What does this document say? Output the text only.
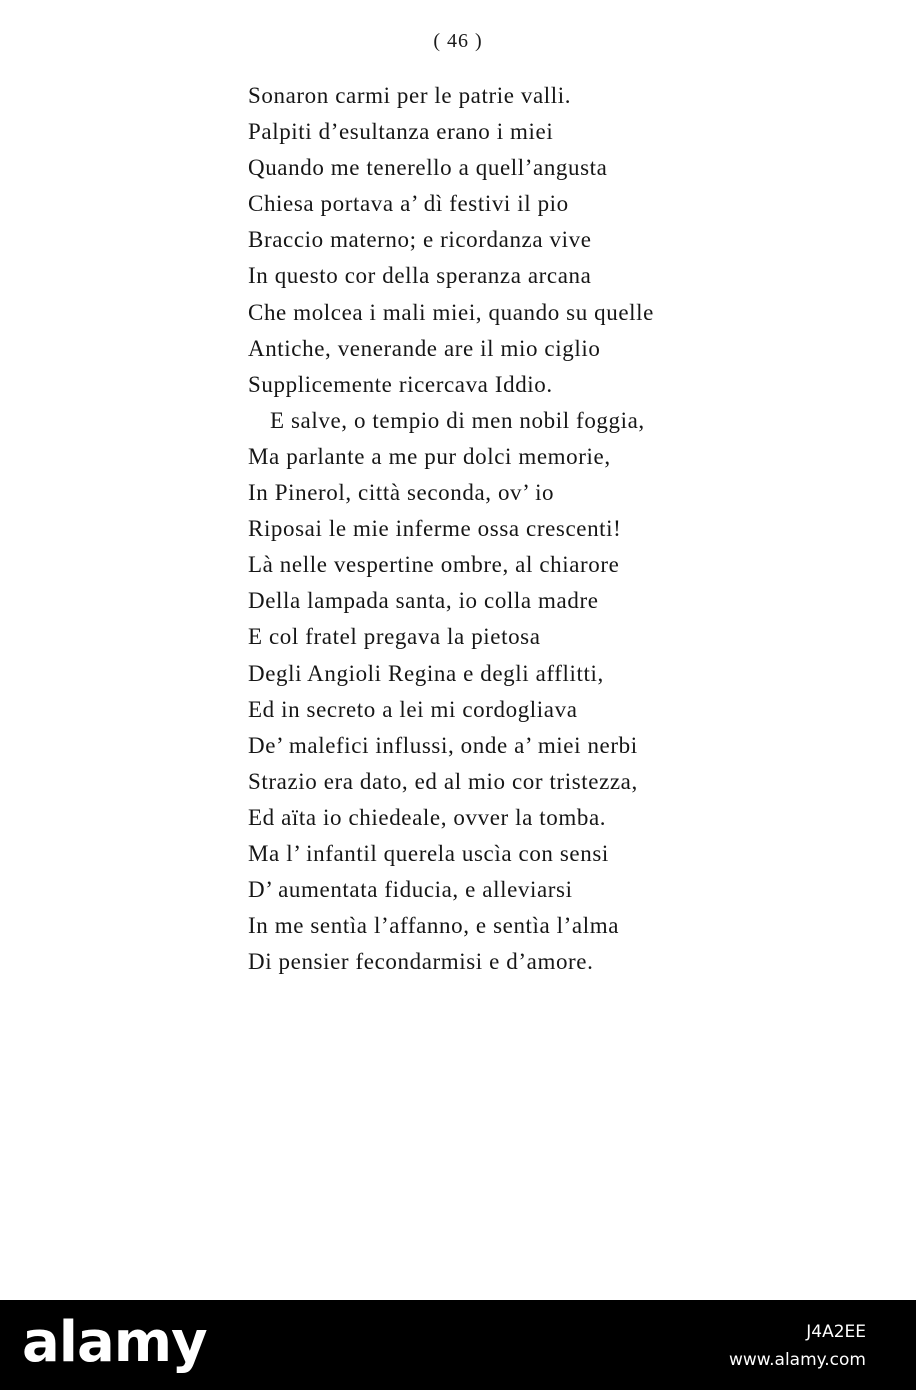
( 46 )
Sonaron carmi per le patrie valli.
Palpiti d’esultanza erano i miei
Quando me tenerello a quell’angusta
Chiesa portava a’ dì festivi il pio
Braccio materno; e ricordanza vive
In questo cor della speranza arcana
Che molcea i mali miei, quando su quelle
Antiche, venerande are il mio ciglio
Supplicemente ricercava Iddio.
E salve, o tempio di men nobil foggia,
Ma parlante a me pur dolci memorie,
In Pinerol, città seconda, ov’ io
Riposai le mie inferme ossa crescenti!
Là nelle vespertine ombre, al chiarore
Della lampada santa, io colla madre
E col fratel pregava la pietosa
Degli Angioli Regina e degli afflitti,
Ed in secreto a lei mi cordogliava
De’ malefici influssi, onde a’ miei nerbi
Strazio era dato, ed al mio cor tristezza,
Ed aïta io chiedeale, ovver la tomba.
Ma l’ infantil querela uscìa con sensi
D’ aumentata fiducia, e alleviarsi
In me sentìa l’affanno, e sentìa l’alma
Di pensier fecondarmisi e d’amore.
alamy	J4A2EE
www.alamy.com
